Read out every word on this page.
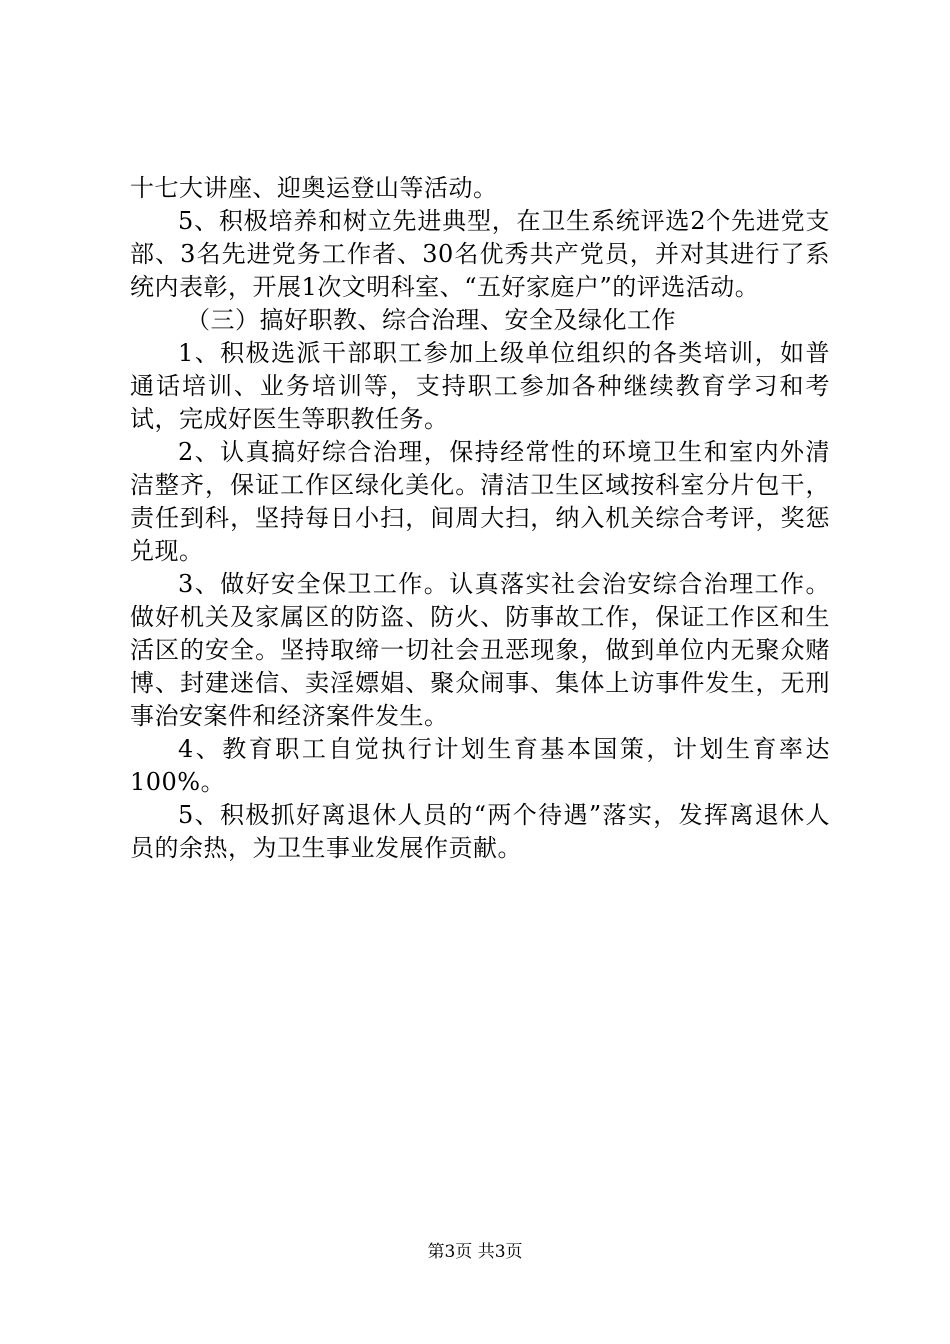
十七大讲座、迎奥运登山等活动。

5、积极培养和树立先进典型，在卫生系统评选2个先进党支部、3名先进党务工作者、30名优秀共产党员，并对其进行了系统内表彰，开展1次文明科室、“五好家庭户”的评选活动。

（三）搞好职教、综合治理、安全及绿化工作

1、积极选派干部职工参加上级单位组织的各类培训，如普通话培训、业务培训等，支持职工参加各种继续教育学习和考试，完成好医生等职教任务。

2、认真搞好综合治理，保持经常性的环境卫生和室内外清洁整齐，保证工作区绿化美化。清洁卫生区域按科室分片包干，责任到科，坚持每日小扫，间周大扫，纳入机关综合考评，奖惩兑现。

3、做好安全保卫工作。认真落实社会治安综合治理工作。做好机关及家属区的防盗、防火、防事故工作，保证工作区和生活区的安全。坚持取缔一切社会丑恶现象，做到单位内无聚众赌博、封建迷信、卖淫嫖娼、聚众闹事、集体上访事件发生，无刑事治安案件和经济案件发生。

4、教育职工自觉执行计划生育基本国策，计划生育率达100%。

5、积极抓好离退休人员的“两个待遇”落实，发挥离退休人员的余热，为卫生事业发展作贡献。

第3页 共3页
